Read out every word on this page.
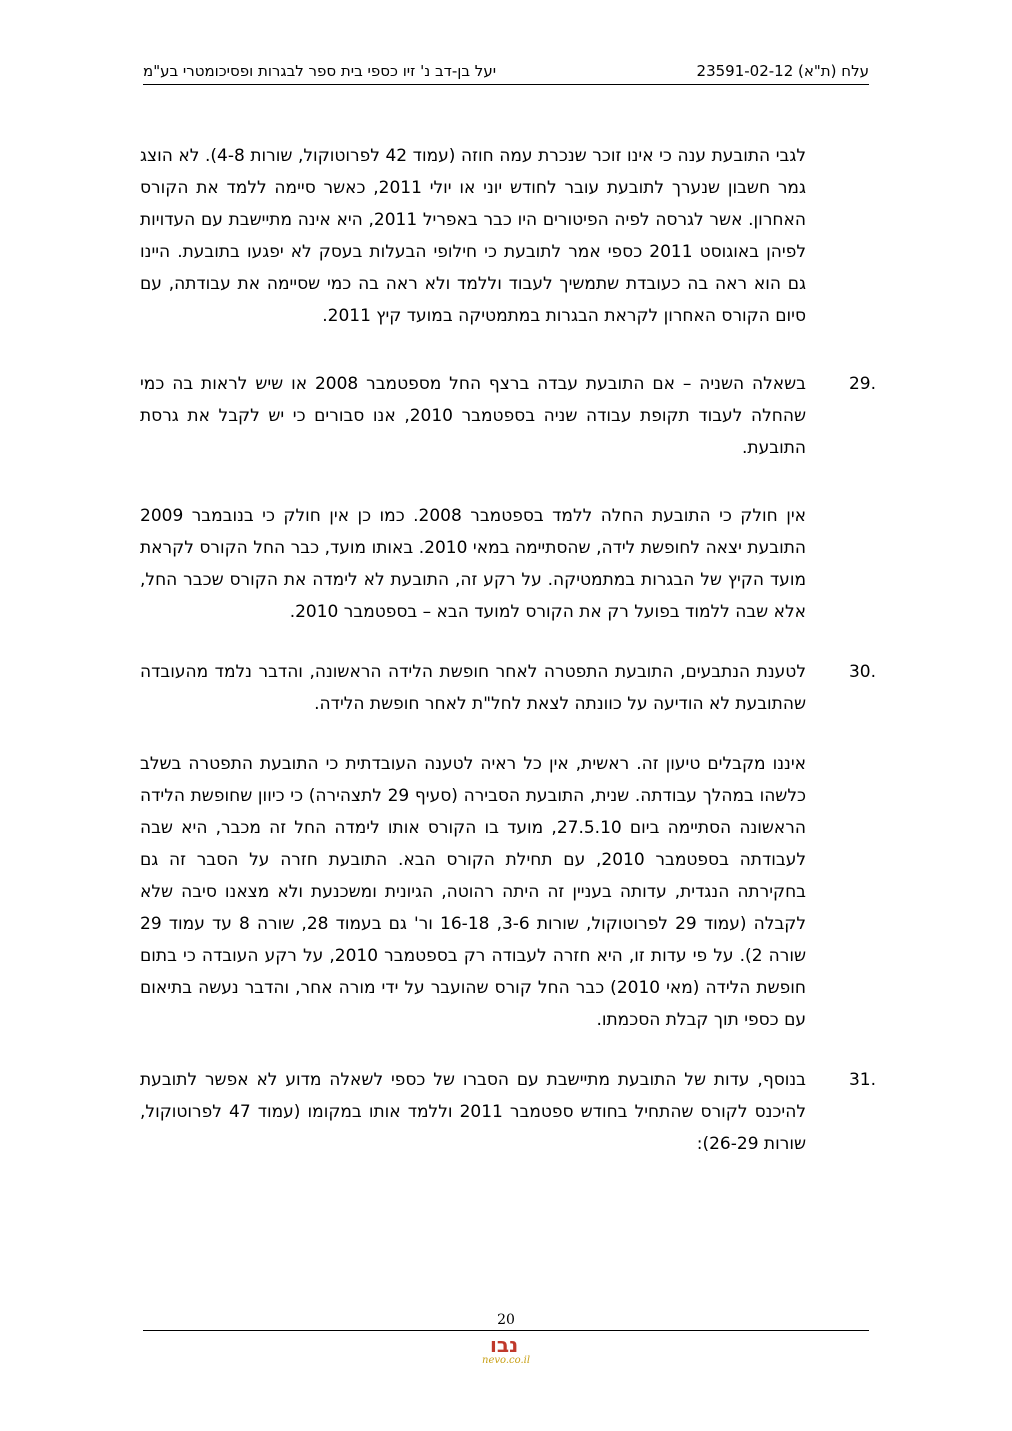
עלח (ת"א) 23591-02-12
יעל בן-דב נ' זיו כספי בית ספר לבגרות ופסיכומטרי בע"מ
לגבי התובעת ענה כי אינו זוכר שנכרת עמה חוזה (עמוד 42 לפרוטוקול, שורות 4-8). לא הוצג גמר חשבון שנערך לתובעת עובר לחודש יוני או יולי 2011, כאשר סיימה ללמד את הקורס האחרון. אשר לגרסה לפיה הפיטורים היו כבר באפריל 2011, היא אינה מתיישבת עם העדויות לפיהן באוגוסט 2011 כספי אמר לתובעת כי חילופי הבעלות בעסק לא יפגעו בתובעת. היינו גם הוא ראה בה כעובדת שתמשיך לעבוד וללמד ולא ראה בה כמי שסיימה את עבודתה, עם סיום הקורס האחרון לקראת הבגרות במתמטיקה במועד קיץ 2011.
.29
בשאלה השניה – אם התובעת עבדה ברצף החל מספטמבר 2008 או שיש לראות בה כמי שהחלה לעבוד תקופת עבודה שניה בספטמבר 2010, אנו סבורים כי יש לקבל את גרסת התובעת.
אין חולק כי התובעת החלה ללמד בספטמבר 2008. כמו כן אין חולק כי בנובמבר 2009 התובעת יצאה לחופשת לידה, שהסתיימה במאי 2010. באותו מועד, כבר החל הקורס לקראת מועד הקיץ של הבגרות במתמטיקה. על רקע זה, התובעת לא לימדה את הקורס שכבר החל, אלא שבה ללמוד בפועל רק את הקורס למועד הבא – בספטמבר 2010.
.30
לטענת הנתבעים, התובעת התפטרה לאחר חופשת הלידה הראשונה, והדבר נלמד מהעובדה שהתובעת לא הודיעה על כוונתה לצאת לחל"ת לאחר חופשת הלידה.
איננו מקבלים טיעון זה. ראשית, אין כל ראיה לטענה העובדתית כי התובעת התפטרה בשלב כלשהו במהלך עבודתה. שנית, התובעת הסבירה (סעיף 29 לתצהירה) כי כיוון שחופשת הלידה הראשונה הסתיימה ביום 27.5.10, מועד בו הקורס אותו לימדה החל זה מכבר, היא שבה לעבודתה בספטמבר 2010, עם תחילת הקורס הבא. התובעת חזרה על הסבר זה גם בחקירתה הנגדית, עדותה בעניין זה היתה רהוטה, הגיונית ומשכנעת ולא מצאנו סיבה שלא לקבלה (עמוד 29 לפרוטוקול, שורות 3-6, 16-18 ור' גם בעמוד 28, שורה 8 עד עמוד 29 שורה 2). על פי עדות זו, היא חזרה לעבודה רק בספטמבר 2010, על רקע העובדה כי בתום חופשת הלידה (מאי 2010) כבר החל קורס שהועבר על ידי מורה אחר, והדבר נעשה בתיאום עם כספי תוך קבלת הסכמתו.
.31
בנוסף, עדות של התובעת מתיישבת עם הסברו של כספי לשאלה מדוע לא אפשר לתובעת להיכנס לקורס שהתחיל בחודש ספטמבר 2011 וללמד אותו במקומו (עמוד 47 לפרוטוקול, שורות 26-29):
20
נבו
nevo.co.il
